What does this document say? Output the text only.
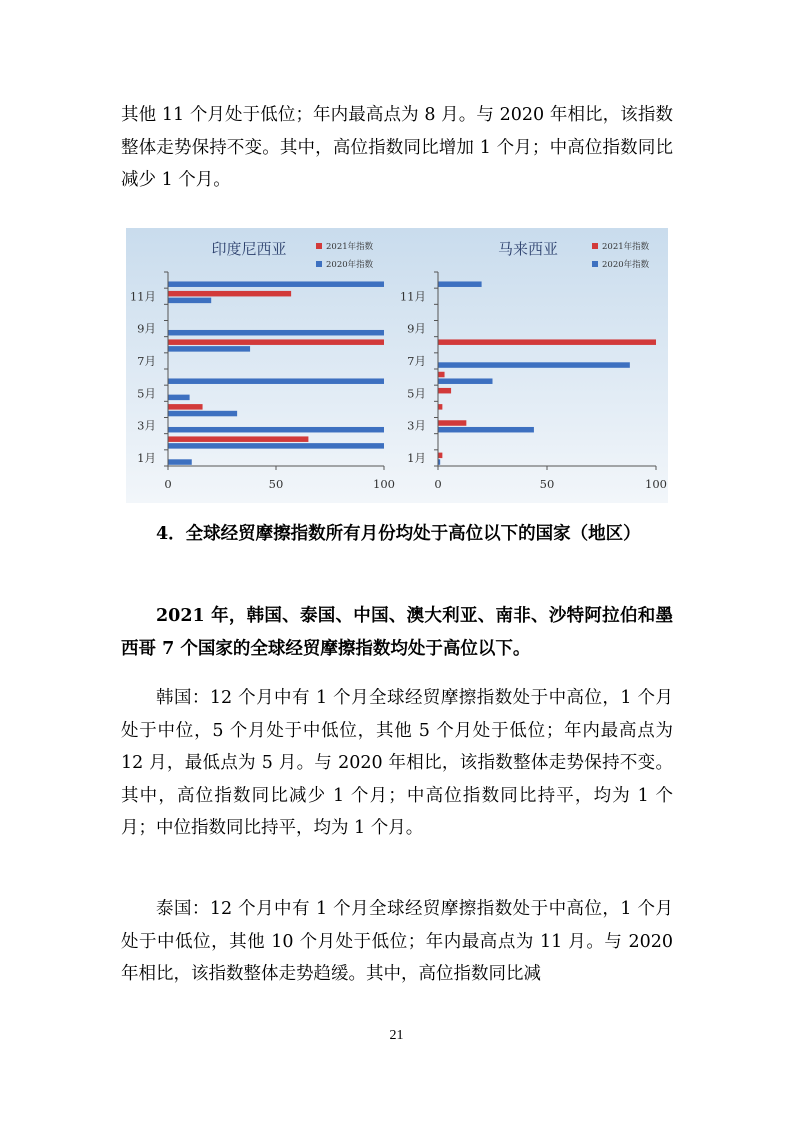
其他 11 个月处于低位；年内最高点为 8 月。与 2020 年相比，该指数整体走势保持不变。其中，高位指数同比增加 1 个月；中高位指数同比减少 1 个月。

印度尼西亚	2021年指数
2020年指数
1月
3月
5月
7月
9月
11月
0	50	100
马来西亚	2021年指数
2020年指数
1月
3月
5月
7月
9月
11月
0	50	100

4．全球经贸摩擦指数所有月份均处于高位以下的国家（地区）

2021 年，韩国、泰国、中国、澳大利亚、南非、沙特阿拉伯和墨西哥 7 个国家的全球经贸摩擦指数均处于高位以下。

韩国：12 个月中有 1 个月全球经贸摩擦指数处于中高位，1 个月处于中位，5 个月处于中低位，其他 5 个月处于低位；年内最高点为 12 月，最低点为 5 月。与 2020 年相比，该指数整体走势保持不变。其中，高位指数同比减少 1 个月；中高位指数同比持平，均为 1 个月；中位指数同比持平，均为 1 个月。

泰国：12 个月中有 1 个月全球经贸摩擦指数处于中高位，1 个月处于中低位，其他 10 个月处于低位；年内最高点为 11 月。与 2020 年相比，该指数整体走势趋缓。其中，高位指数同比减

21
